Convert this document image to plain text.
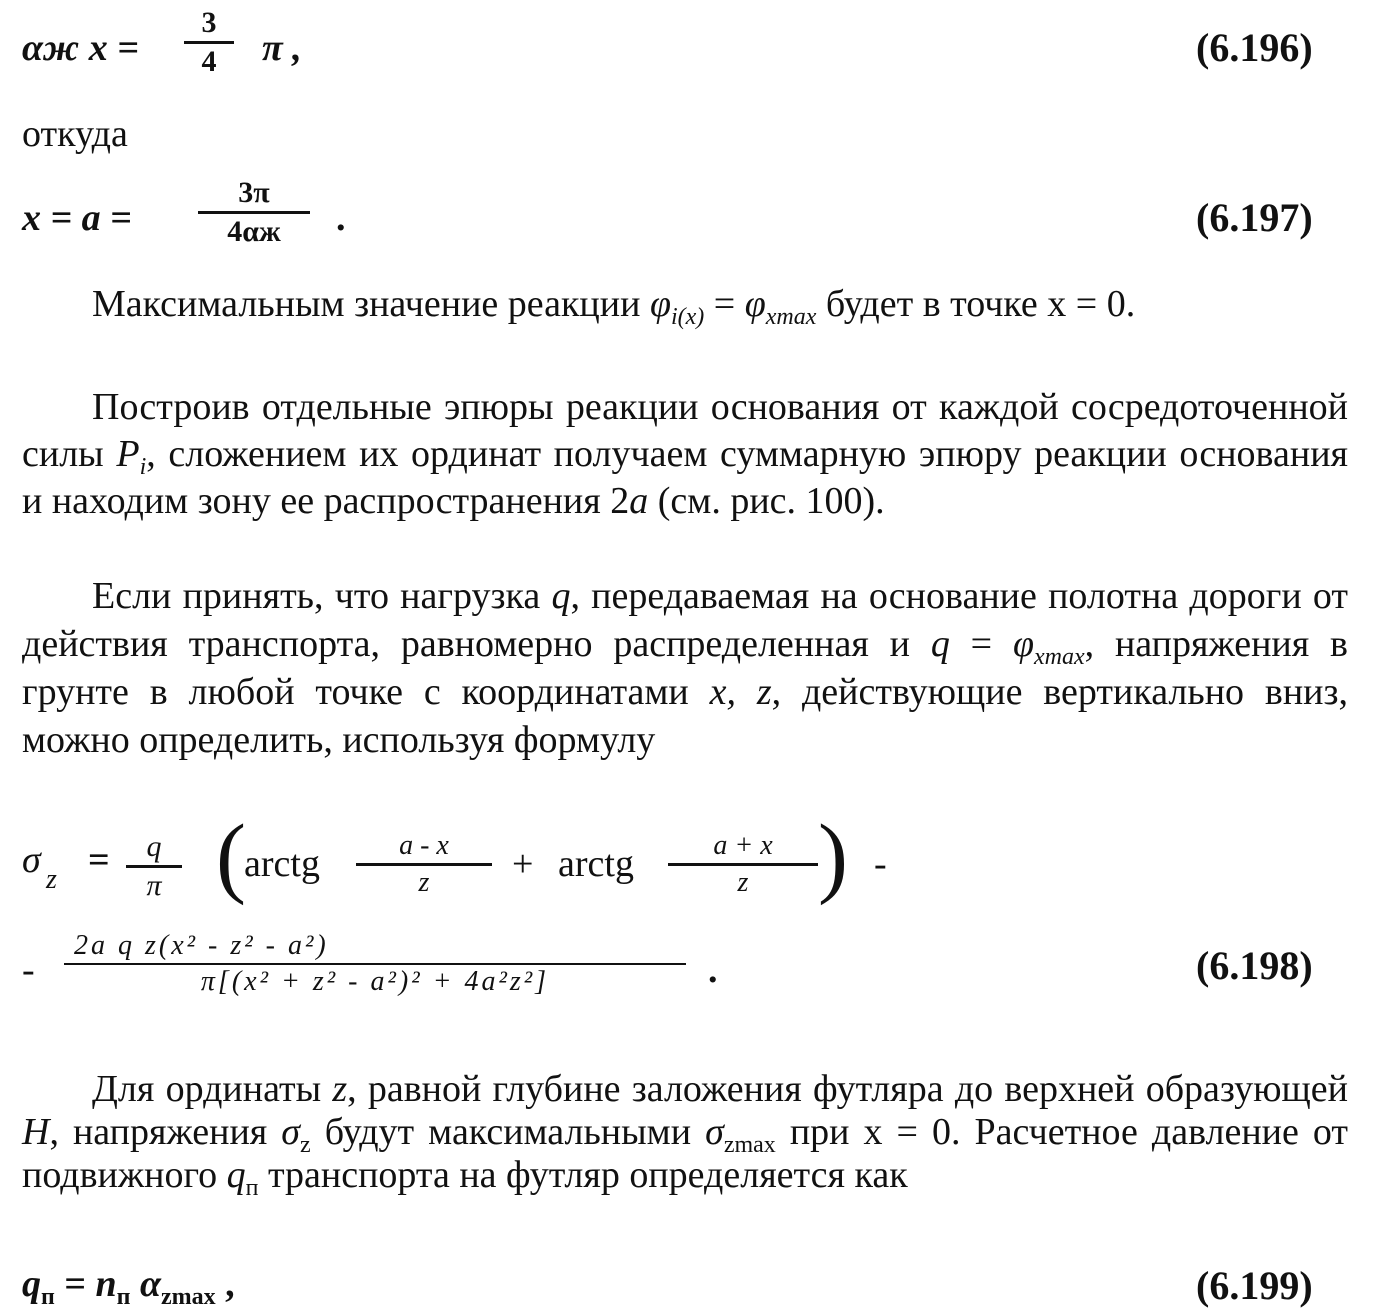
αж x =
3
4	π ,	(6.196)
откуда
x = a =
3π
4αж	.	(6.197)
Максимальным значение реакции $\varphi_{i(x)} = \varphi_{xmax}$ будет в точке x = 0.
Построив отдельные эпюры реакции основания от каждой сосредоточенной силы $P_i$, сложением их ординат получаем суммарную эпюру реакции основания и находим зону ее распространения 2a (см. рис. 100).
Если принять, что нагрузка q, передаваемая на основание полотна дороги от действия транспорта, равномерно распределенная и $q = \varphi_{xmax}$, напряжения в грунте в любой точке с координатами x, z, действующие вертикально вниз, можно определить, используя формулу
σ z =	q
π (
arctg	a - x
z	+ arctg	a + x
z ) -
-
2a q z(x² - z² - a²)
π[(x² + z² - a²)² + 4a²z²]	.	(6.198)
Для ординаты z, равной глубине заложения футляра до верхней образующей H, напряжения $\sigma_z$ будут максимальными $\sigma_{zmax}$ при x = 0. Расчетное давление от подвижного $q_п$ транспорта на футляр определяется как
$q_п = n_п$ $\alpha_{zmax}$ ,	(6.199)
